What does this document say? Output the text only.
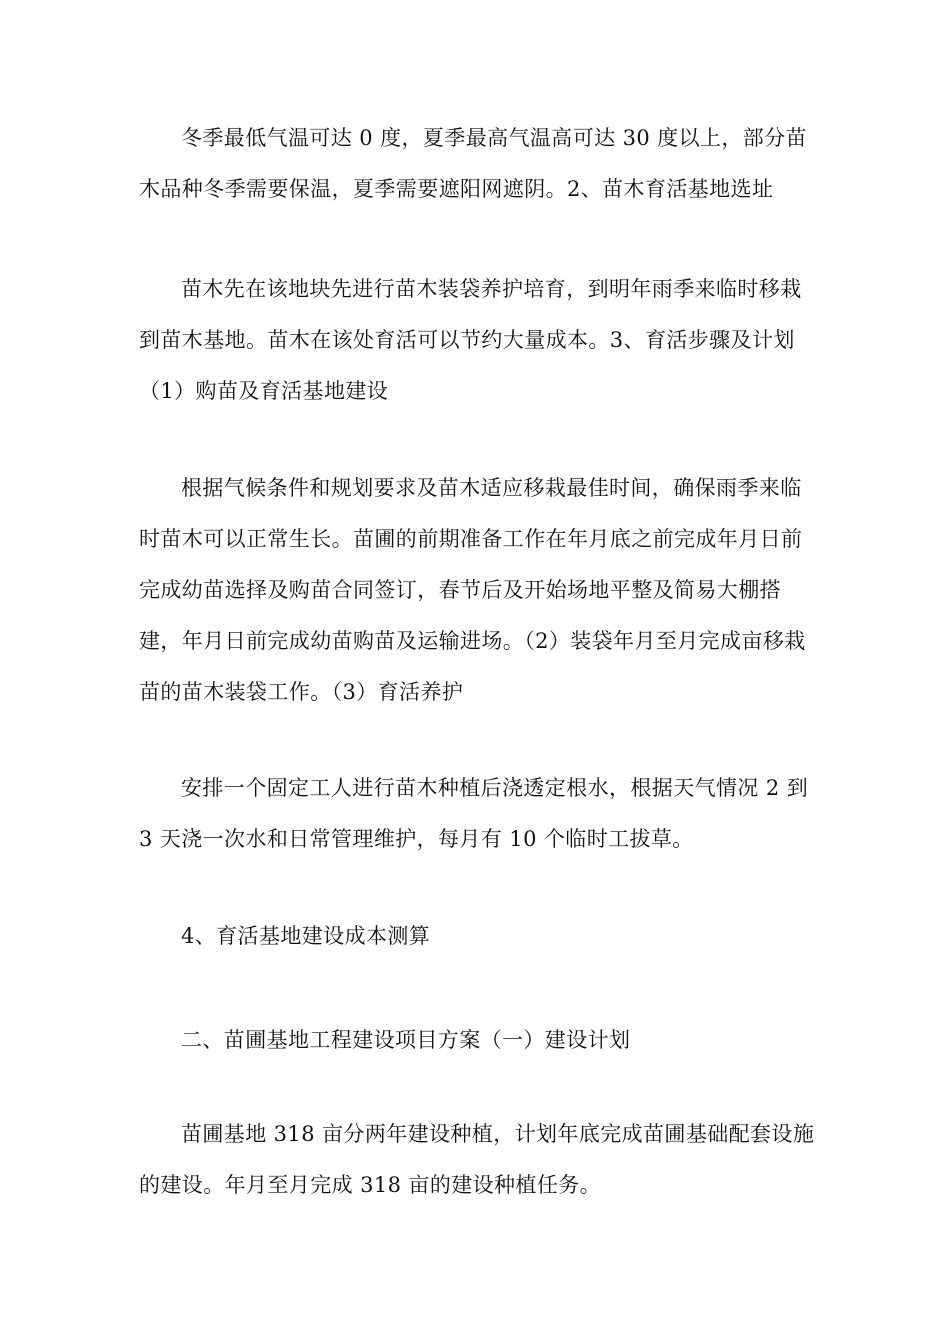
冬季最低气温可达 0 度，夏季最高气温高可达 30 度以上，部分苗木品种冬季需要保温，夏季需要遮阳网遮阴。2、苗木育活基地选址

苗木先在该地块先进行苗木装袋养护培育，到明年雨季来临时移栽到苗木基地。苗木在该处育活可以节约大量成本。3、育活步骤及计划（1）购苗及育活基地建设

根据气候条件和规划要求及苗木适应移栽最佳时间，确保雨季来临时苗木可以正常生长。苗圃的前期准备工作在年月底之前完成年月日前完成幼苗选择及购苗合同签订，春节后及开始场地平整及简易大棚搭建，年月日前完成幼苗购苗及运输进场。（2）装袋年月至月完成亩移栽苗的苗木装袋工作。（3）育活养护

安排一个固定工人进行苗木种植后浇透定根水，根据天气情况 2 到 3 天浇一次水和日常管理维护，每月有 10 个临时工拔草。

4、育活基地建设成本测算

二、苗圃基地工程建设项目方案（一）建设计划

苗圃基地 318 亩分两年建设种植，计划年底完成苗圃基础配套设施的建设。年月至月完成 318 亩的建设种植任务。
